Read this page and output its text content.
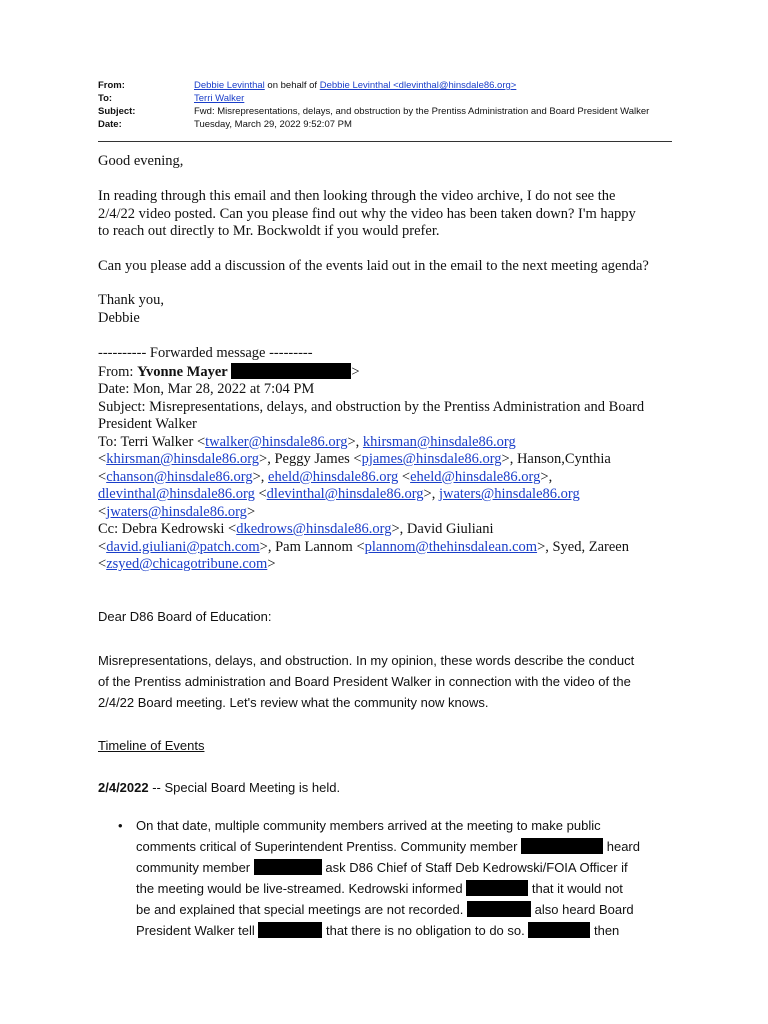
From:	Debbie Levinthal on behalf of Debbie Levinthal <dlevinthal@hinsdale86.org>
To:	Terri Walker
Subject:	Fwd: Misrepresentations, delays, and obstruction by the Prentiss Administration and Board President Walker
Date:	Tuesday, March 29, 2022 9:52:07 PM
Good evening,

In reading through this email and then looking through the video archive, I do not see the

2/4/22 video posted. Can you please find out why the video has been taken down? I'm happy

to reach out directly to Mr. Bockwoldt if you would prefer.

Can you please add a discussion of the events laid out in the email to the next meeting agenda?

Thank you,

Debbie

---------- Forwarded message ---------

From: Yvonne Mayer	>

Date: Mon, Mar 28, 2022 at 7:04 PM

Subject: Misrepresentations, delays, and obstruction by the Prentiss Administration and Board

President Walker

To: Terri Walker <twalker@hinsdale86.org>, khirsman@hinsdale86.org

<khirsman@hinsdale86.org>, Peggy James <pjames@hinsdale86.org>, Hanson,Cynthia

<chanson@hinsdale86.org>, eheld@hinsdale86.org <eheld@hinsdale86.org>,

dlevinthal@hinsdale86.org <dlevinthal@hinsdale86.org>, jwaters@hinsdale86.org

<jwaters@hinsdale86.org>

Cc: Debra Kedrowski <dkedrows@hinsdale86.org>, David Giuliani

<david.giuliani@patch.com>, Pam Lannom <plannom@thehinsdalean.com>, Syed, Zareen

<zsyed@chicagotribune.com>

Dear D86 Board of Education:

Misrepresentations, delays, and obstruction. In my opinion, these words describe the conduct

of the Prentiss administration and Board President Walker in connection with the video of the

2/4/22 Board meeting. Let's review what the community now knows.

Timeline of Events
2/4/2022 -- Special Board Meeting is held.
• On that date, multiple community members arrived at the meeting to make public
comments critical of Superintendent Prentiss. Community member	heard
community member	ask D86 Chief of Staff Deb Kedrowski/FOIA Officer if
the meeting would be live-streamed. Kedrowski informed	that it would not
be and explained that special meetings are not recorded.	also heard Board
President Walker tell	that there is no obligation to do so.	then
